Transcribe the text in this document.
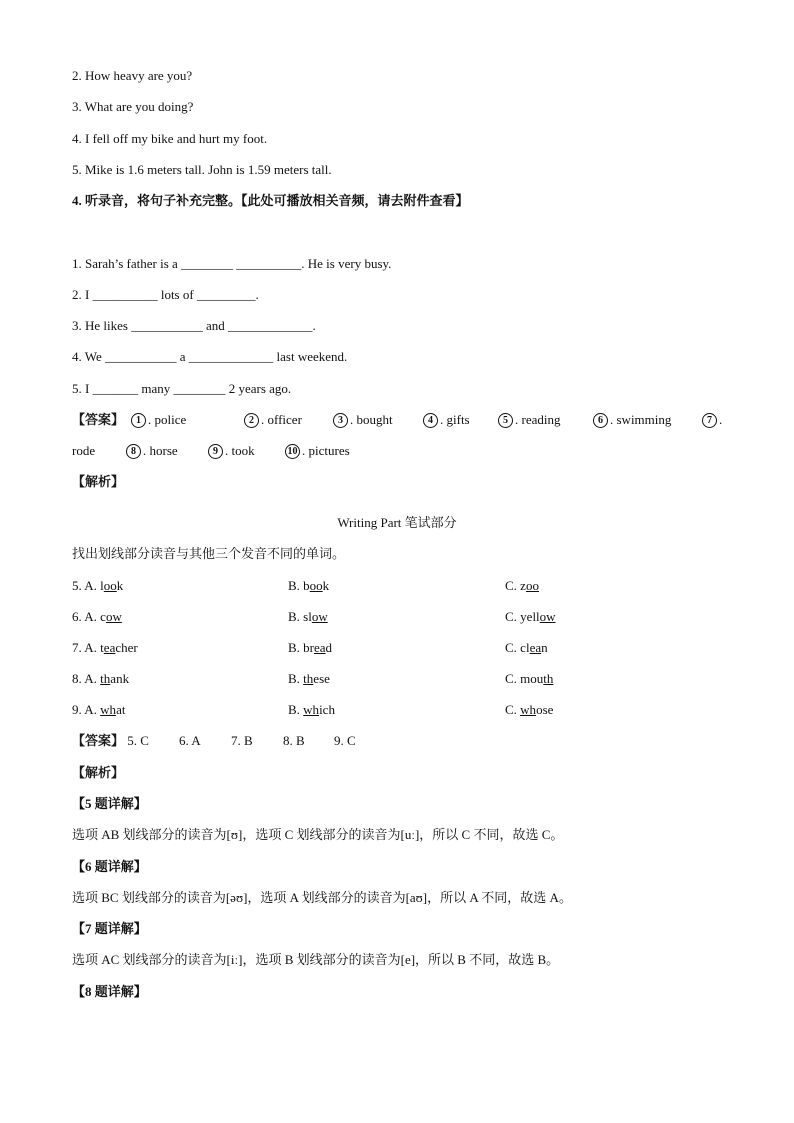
2. How heavy are you?
3. What are you doing?
4. I fell off my bike and hurt my foot.
5. Mike is 1.6 meters tall. John is 1.59 meters tall.
4. 听录音，将句子补充完整。【此处可播放相关音频，请去附件查看】
1. Sarah’s father is a ________ __________. He is very busy.
2. I __________ lots of _________.
3. He likes ___________ and _____________.
4. We ___________ a _____________ last weekend.
5. I _______ many ________ 2 years ago.
【答案】	1 . police	2 . officer	3 . bought	4 . gifts	5 . reading	6 . swimming	7 .
rode	8 . horse	9 . took	10 . pictures
【解析】
Writing Part 笔试部分
找出划线部分读音与其他三个发音不同的单词。
5. A. look	B. book	C. zoo
6. A. cow	B. slow	C. yellow
7. A. teacher	B. bread	C. clean
8. A. thank	B. these	C. mouth
9. A. what	B. which	C. whose
【答案】 5. C 6. A 7. B 8. B 9. C
【解析】
【5 题详解】
选项 AB 划线部分的读音为[ʊ]，选项 C 划线部分的读音为[uː]，所以 C 不同，故选 C。
【6 题详解】
选项 BC 划线部分的读音为[əʊ]，选项 A 划线部分的读音为[aʊ]，所以 A 不同，故选 A。
【7 题详解】
选项 AC 划线部分的读音为[iː]，选项 B 划线部分的读音为[e]，所以 B 不同，故选 B。
【8 题详解】
